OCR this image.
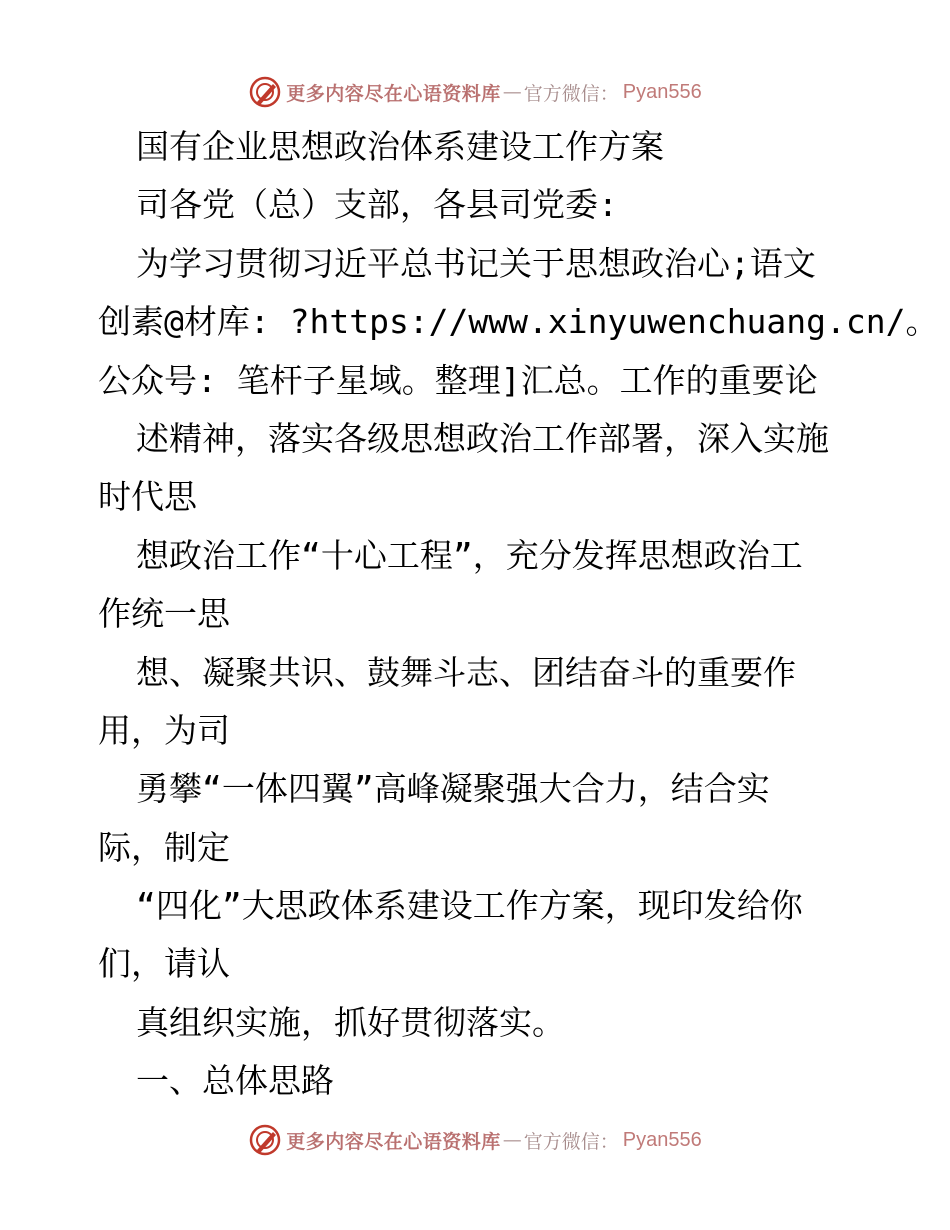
更多内容尽在心语资料库 — 官方微信： Pyan556
国有企业思想政治体系建设工作方案
司各党（总）支部，各县司党委:
为学习贯彻习近平总书记关于思想政治心;语文
创素@材库: ?https://www.xinyuwenchuang.cn/。
公众号: 笔杆子星域。整理]汇总。工作的重要论
述精神，落实各级思想政治工作部署，深入实施
时代思
想政治工作“十心工程”，充分发挥思想政治工
作统一思
想、凝聚共识、鼓舞斗志、团结奋斗的重要作
用，为司
勇攀“一体四翼”高峰凝聚强大合力，结合实
际，制定
“四化”大思政体系建设工作方案，现印发给你
们，请认
真组织实施，抓好贯彻落实。
一、总体思路
更多内容尽在心语资料库 — 官方微信： Pyan556
